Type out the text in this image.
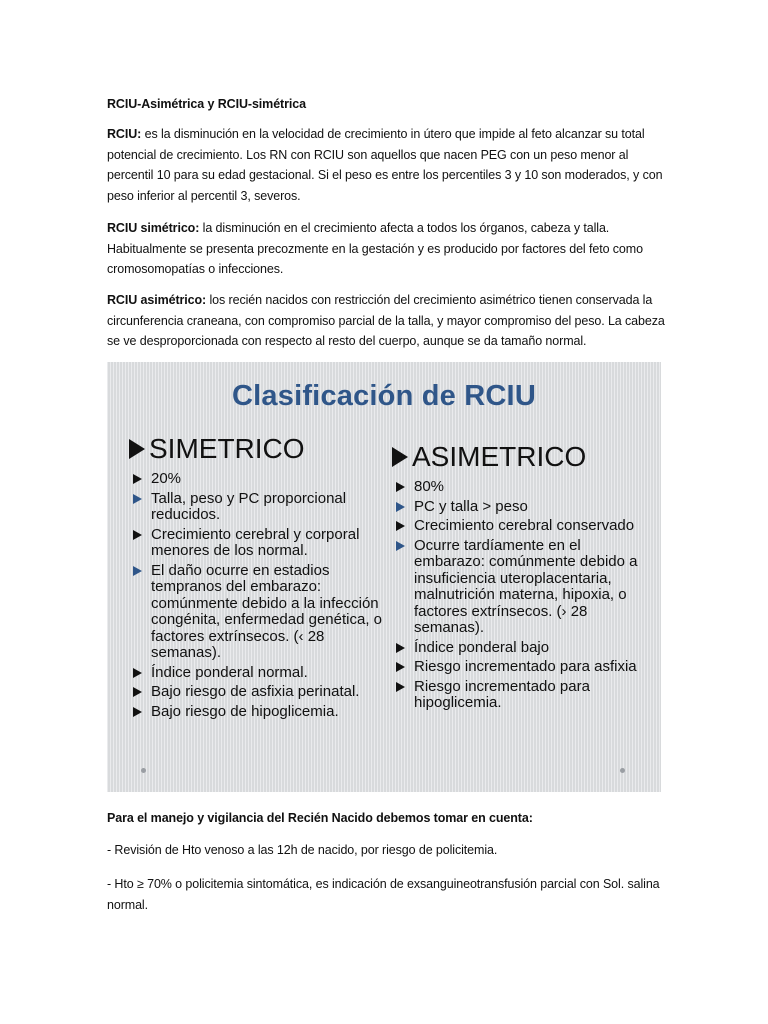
RCIU-Asimétrica y RCIU-simétrica
RCIU: es la disminución en la velocidad de crecimiento in útero que impide al feto alcanzar su total potencial de crecimiento. Los RN con RCIU son aquellos que nacen PEG con un peso menor al percentil 10 para su edad gestacional. Si el peso es entre los percentiles 3 y 10 son moderados, y con peso inferior al percentil 3, severos.
RCIU simétrico: la disminución en el crecimiento afecta a todos los órganos, cabeza y talla. Habitualmente se presenta precozmente en la gestación y es producido por factores del feto como cromosomopatías o infecciones.
RCIU asimétrico: los recién nacidos con restricción del crecimiento asimétrico tienen conservada la circunferencia craneana, con compromiso parcial de la talla, y mayor compromiso del peso. La cabeza se ve desproporcionada con respecto al resto del cuerpo, aunque se da tamaño normal.
Clasificación de RCIU
SIMETRICO
20%
Talla, peso y PC proporcional reducidos.
Crecimiento cerebral y corporal menores de los normal.
El daño ocurre en estadios tempranos del embarazo: comúnmente debido a la infección congénita, enfermedad genética, o factores extrínsecos. (‹ 28 semanas).
Índice ponderal normal.
Bajo riesgo de asfixia perinatal.
Bajo riesgo de hipoglicemia.
ASIMETRICO
80%
PC y talla > peso
Crecimiento cerebral conservado
Ocurre tardíamente en el embarazo: comúnmente debido a insuficiencia uteroplacentaria, malnutrición materna, hipoxia, o factores extrínsecos. (› 28 semanas).
Índice ponderal bajo
Riesgo incrementado para asfixia
Riesgo incrementado para hipoglicemia.
Para el manejo y vigilancia del Recién Nacido debemos tomar en cuenta:
- Revisión de Hto venoso a las 12h de nacido, por riesgo de policitemia.
- Hto ≥ 70% o policitemia sintomática, es indicación de exsanguineotransfusión parcial con Sol. salina normal.
